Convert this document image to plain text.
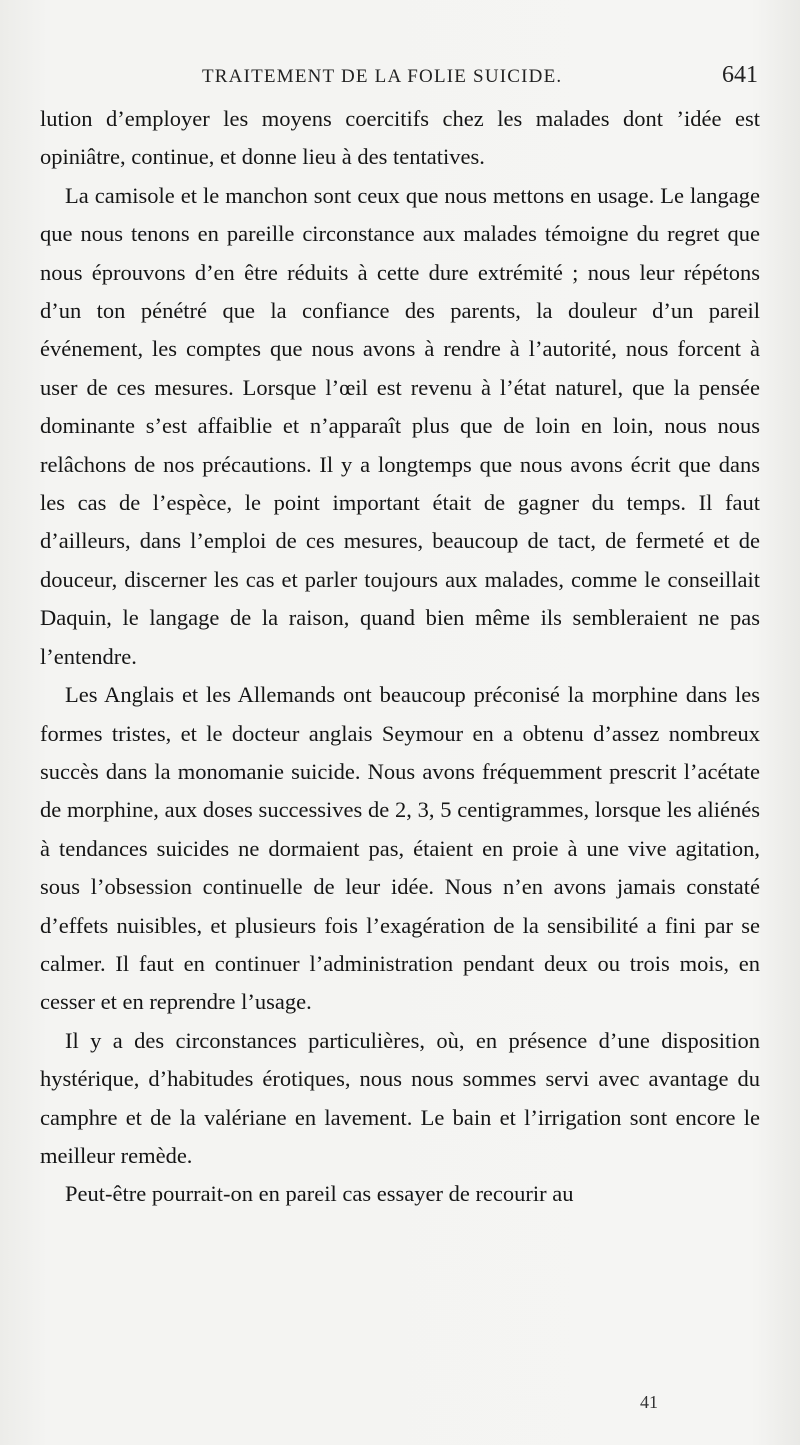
TRAITEMENT DE LA FOLIE SUICIDE.	641

lution d’employer les moyens coercitifs chez les malades dont ’idée est opiniâtre, continue, et donne lieu à des tentatives.

La camisole et le manchon sont ceux que nous mettons en usage. Le langage que nous tenons en pareille circonstance aux malades témoigne du regret que nous éprouvons d’en être réduits à cette dure extrémité ; nous leur répétons d’un ton pénétré que la confiance des parents, la douleur d’un pareil événement, les comptes que nous avons à rendre à l’autorité, nous forcent à user de ces mesures. Lorsque l’œil est revenu à l’état naturel, que la pensée dominante s’est affaiblie et n’apparaît plus que de loin en loin, nous nous relâchons de nos précautions. Il y a longtemps que nous avons écrit que dans les cas de l’espèce, le point important était de gagner du temps. Il faut d’ailleurs, dans l’emploi de ces mesures, beaucoup de tact, de fermeté et de douceur, discerner les cas et parler toujours aux malades, comme le conseillait Daquin, le langage de la raison, quand bien même ils sembleraient ne pas l’entendre.

Les Anglais et les Allemands ont beaucoup préconisé la morphine dans les formes tristes, et le docteur anglais Seymour en a obtenu d’assez nombreux succès dans la monomanie suicide. Nous avons fréquemment prescrit l’acétate de morphine, aux doses successives de 2, 3, 5 centigrammes, lorsque les aliénés à tendances suicides ne dormaient pas, étaient en proie à une vive agitation, sous l’obsession continuelle de leur idée. Nous n’en avons jamais constaté d’effets nuisibles, et plusieurs fois l’exagération de la sensibilité a fini par se calmer. Il faut en continuer l’administration pendant deux ou trois mois, en cesser et en reprendre l’usage.

Il y a des circonstances particulières, où, en présence d’une disposition hystérique, d’habitudes érotiques, nous nous sommes servi avec avantage du camphre et de la valériane en lavement. Le bain et l’irrigation sont encore le meilleur remède.

Peut-être pourrait-on en pareil cas essayer de recourir au

41
